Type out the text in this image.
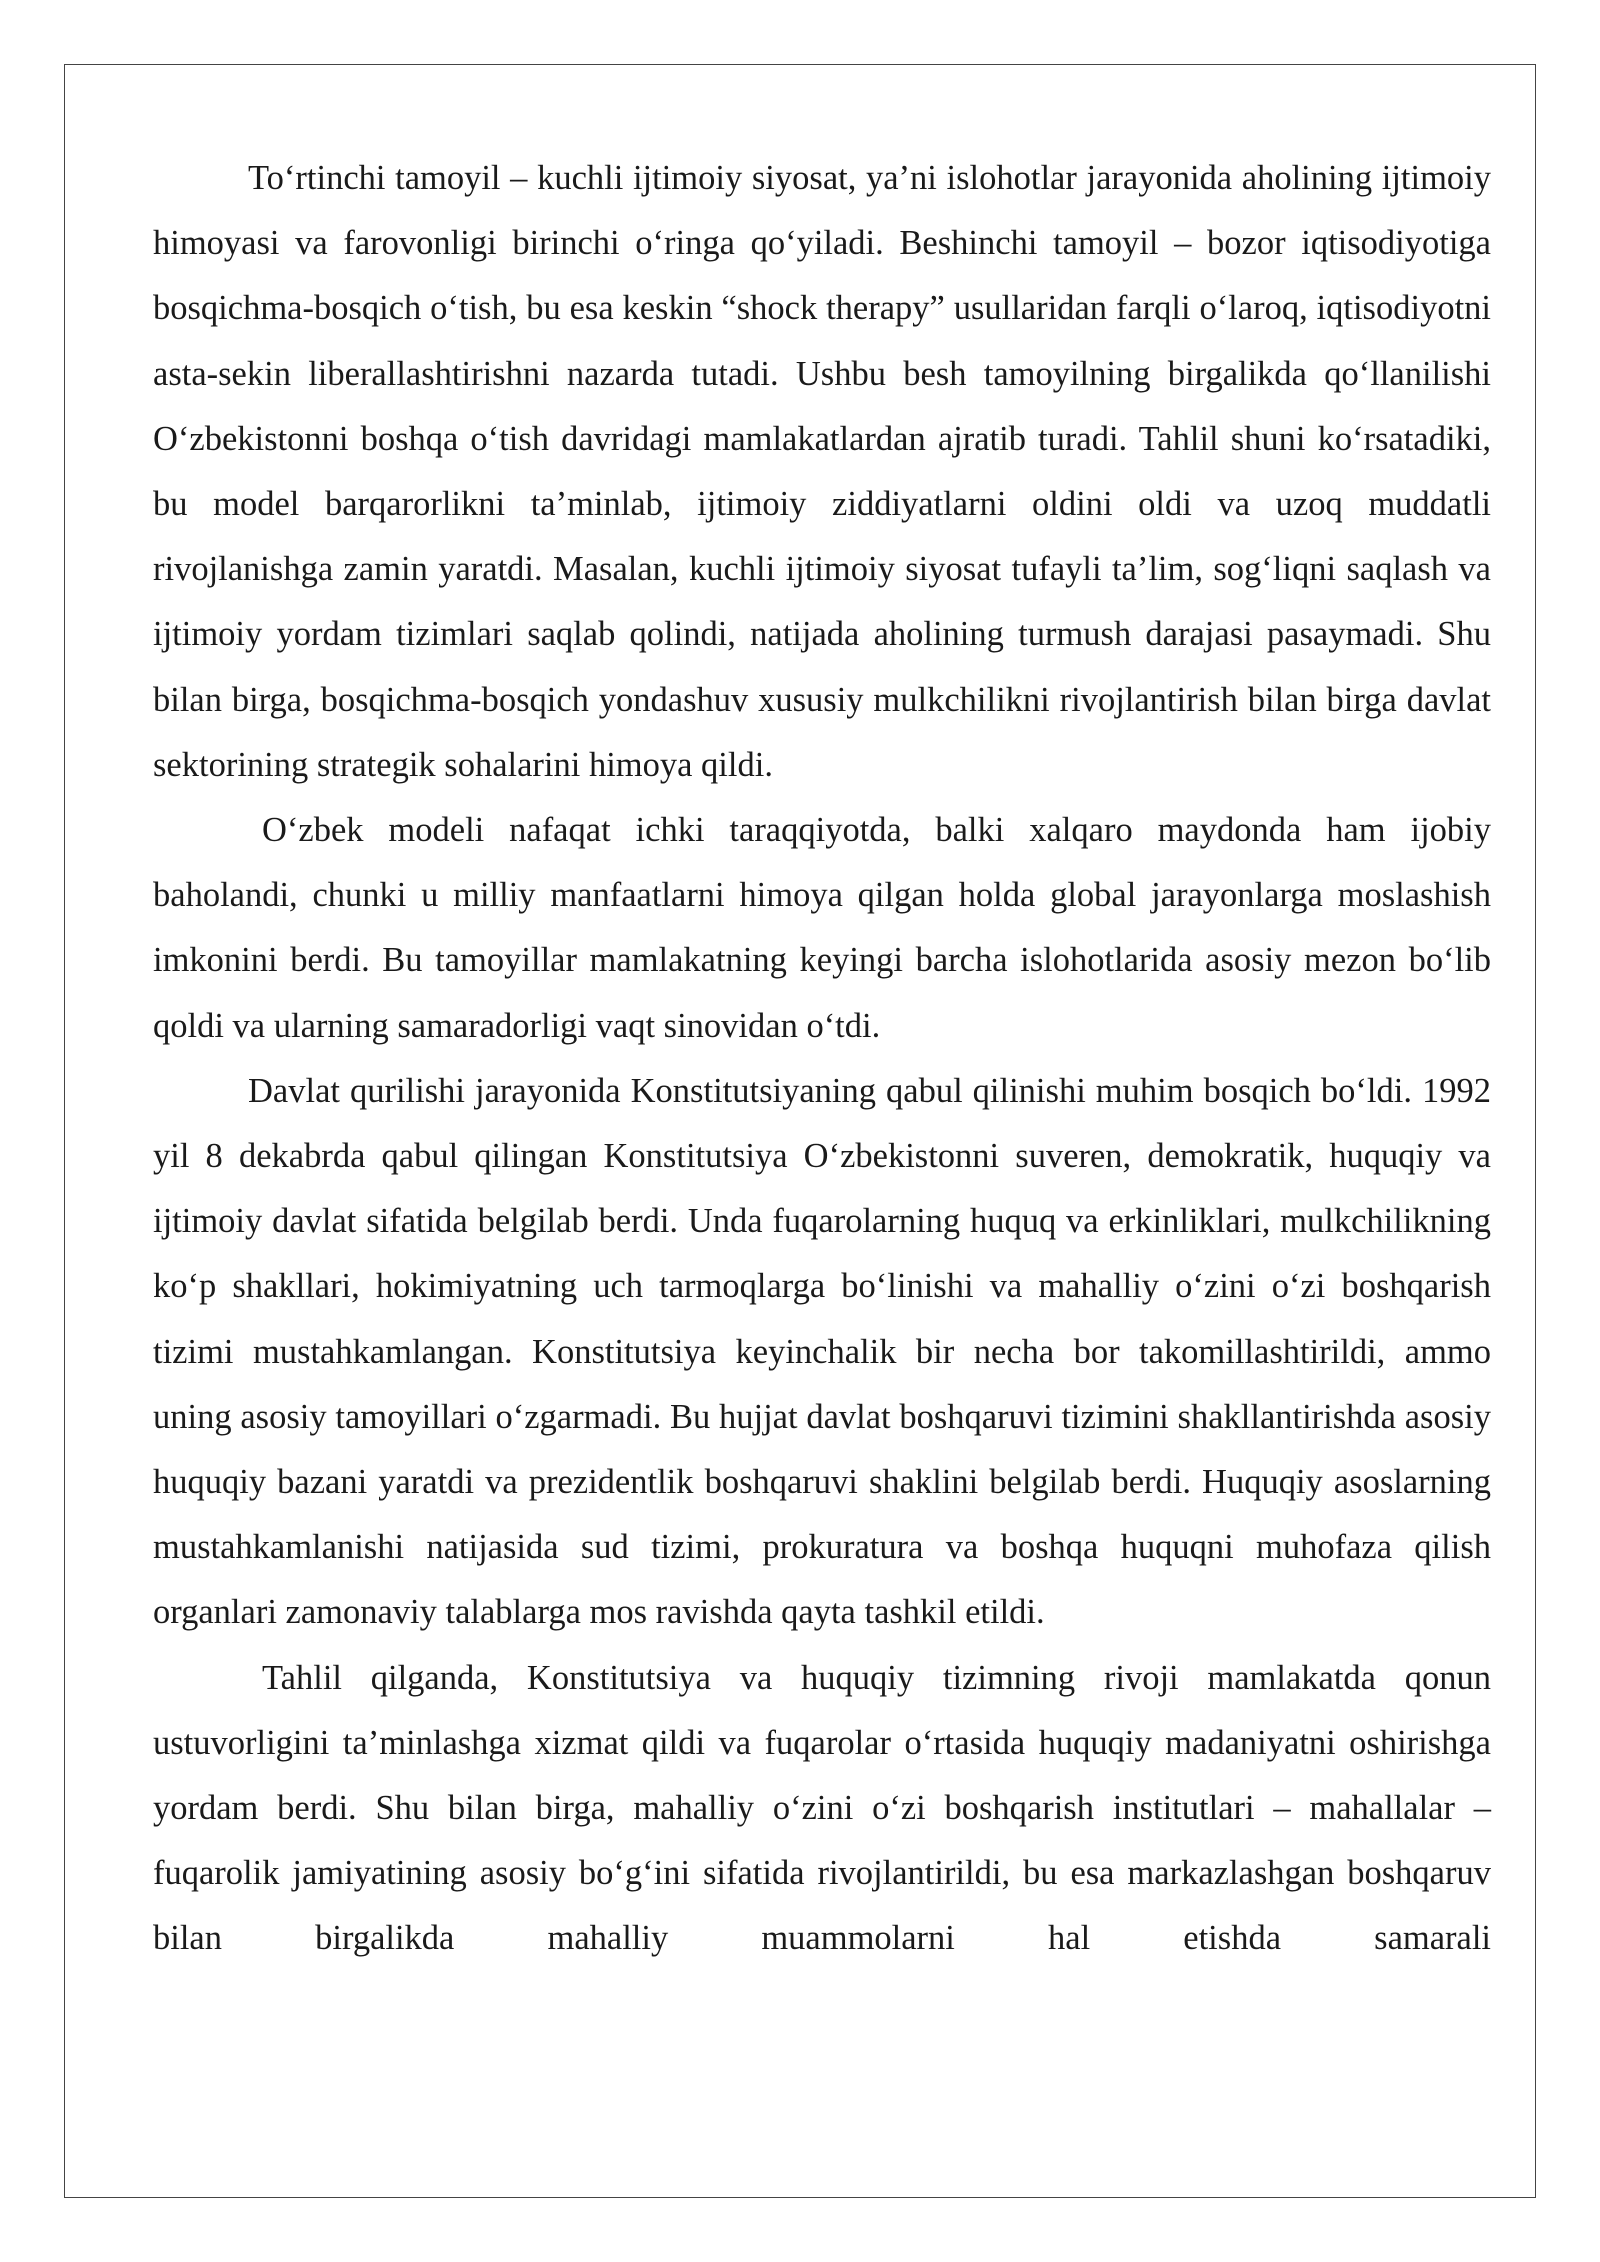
To‘rtinchi tamoyil – kuchli ijtimoiy siyosat, ya’ni islohotlar jarayonida aholining ijtimoiy himoyasi va farovonligi birinchi o‘ringa qo‘yiladi. Beshinchi tamoyil – bozor iqtisodiyotiga bosqichma-bosqich o‘tish, bu esa keskin “shock therapy” usullaridan farqli o‘laroq, iqtisodiyotni asta-sekin liberallashtirishni nazarda tutadi. Ushbu besh tamoyilning birgalikda qo‘llanilishi O‘zbekistonni boshqa o‘tish davridagi mamlakatlardan ajratib turadi. Tahlil shuni ko‘rsatadiki, bu model barqarorlikni ta’minlab, ijtimoiy ziddiyatlarni oldini oldi va uzoq muddatli rivojlanishga zamin yaratdi. Masalan, kuchli ijtimoiy siyosat tufayli ta’lim, sog‘liqni saqlash va ijtimoiy yordam tizimlari saqlab qolindi, natijada aholining turmush darajasi pasaymadi. Shu bilan birga, bosqichma-bosqich yondashuv xususiy mulkchilikni rivojlantirish bilan birga davlat sektorining strategik sohalarini himoya qildi.

O‘zbek modeli nafaqat ichki taraqqiyotda, balki xalqaro maydonda ham ijobiy baholandi, chunki u milliy manfaatlarni himoya qilgan holda global jarayonlarga moslashish imkonini berdi. Bu tamoyillar mamlakatning keyingi barcha islohotlarida asosiy mezon bo‘lib qoldi va ularning samaradorligi vaqt sinovidan o‘tdi.

Davlat qurilishi jarayonida Konstitutsiyaning qabul qilinishi muhim bosqich bo‘ldi. 1992 yil 8 dekabrda qabul qilingan Konstitutsiya O‘zbekistonni suveren, demokratik, huquqiy va ijtimoiy davlat sifatida belgilab berdi. Unda fuqarolarning huquq va erkinliklari, mulkchilikning ko‘p shakllari, hokimiyatning uch tarmoqlarga bo‘linishi va mahalliy o‘zini o‘zi boshqarish tizimi mustahkamlangan. Konstitutsiya keyinchalik bir necha bor takomillashtirildi, ammo uning asosiy tamoyillari o‘zgarmadi. Bu hujjat davlat boshqaruvi tizimini shakllantirishda asosiy huquqiy bazani yaratdi va prezidentlik boshqaruvi shaklini belgilab berdi. Huquqiy asoslarning mustahkamlanishi natijasida sud tizimi, prokuratura va boshqa huquqni muhofaza qilish organlari zamonaviy talablarga mos ravishda qayta tashkil etildi.

Tahlil qilganda, Konstitutsiya va huquqiy tizimning rivoji mamlakatda qonun ustuvorligini ta’minlashga xizmat qildi va fuqarolar o‘rtasida huquqiy madaniyatni oshirishga yordam berdi. Shu bilan birga, mahalliy o‘zini o‘zi boshqarish institutlari – mahallalar – fuqarolik jamiyatining asosiy bo‘g‘ini sifatida rivojlantirildi, bu esa markazlashgan boshqaruv bilan birgalikda mahalliy muammolarni hal etishda samarali
